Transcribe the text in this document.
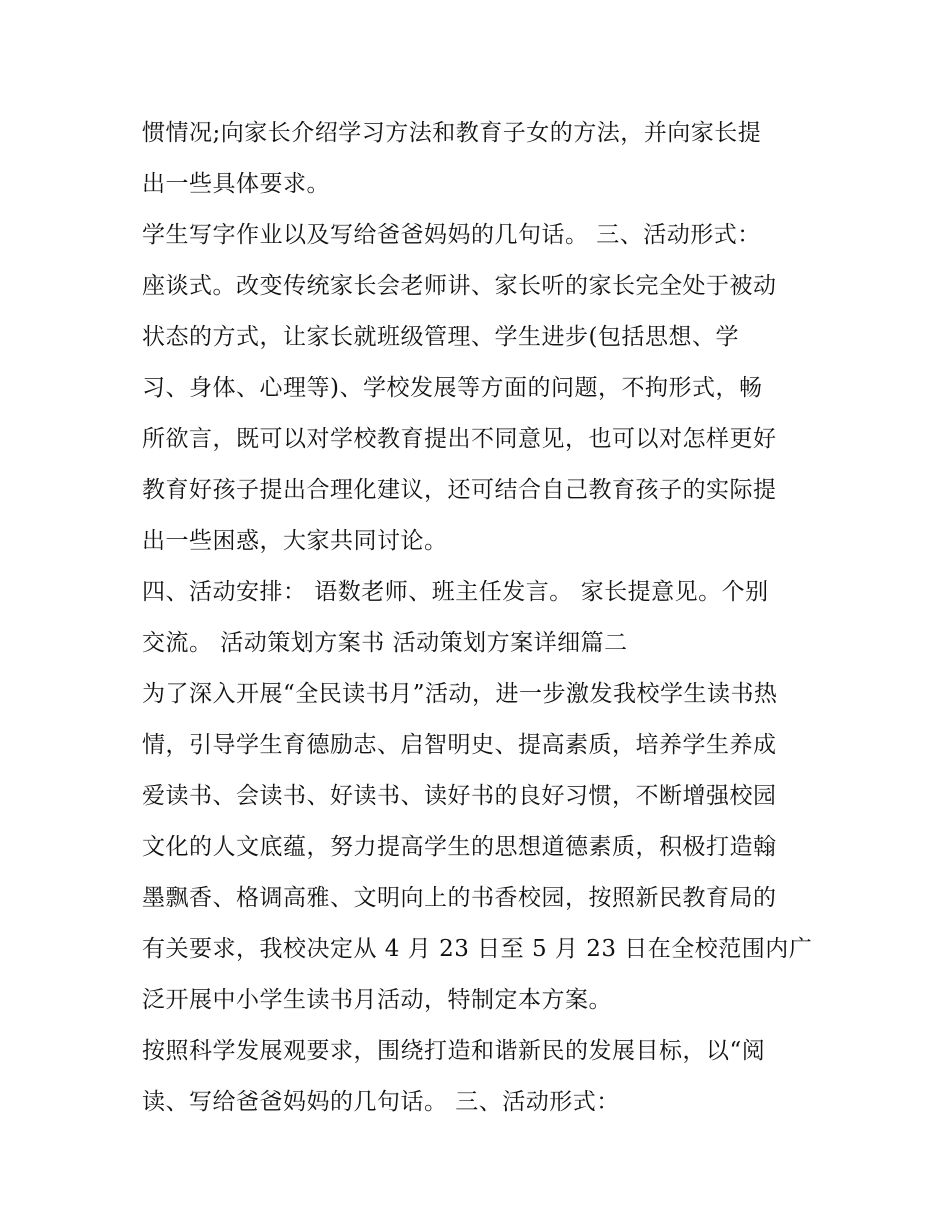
惯情况;向家长介绍学习方法和教育子女的方法，并向家长提
出一些具体要求。
学生写字作业以及写给爸爸妈妈的几句话。 三、活动形式：
座谈式。改变传统家长会老师讲、家长听的家长完全处于被动
状态的方式，让家长就班级管理、学生进步(包括思想、学
习、身体、心理等)、学校发展等方面的问题，不拘形式，畅
所欲言，既可以对学校教育提出不同意见，也可以对怎样更好
教育好孩子提出合理化建议，还可结合自己教育孩子的实际提
出一些困惑，大家共同讨论。
四、活动安排： 语数老师、班主任发言。 家长提意见。个别
交流。 活动策划方案书 活动策划方案详细篇二
为了深入开展“全民读书月”活动，进一步激发我校学生读书热
情，引导学生育德励志、启智明史、提高素质，培养学生养成
爱读书、会读书、好读书、读好书的良好习惯，不断增强校园
文化的人文底蕴，努力提高学生的思想道德素质，积极打造翰
墨飘香、格调高雅、文明向上的书香校园，按照新民教育局的
有关要求，我校决定从 4 月 23 日至 5 月 23 日在全校范围内广
泛开展中小学生读书月活动，特制定本方案。
按照科学发展观要求，围绕打造和谐新民的发展目标，以“阅
读、写给爸爸妈妈的几句话。 三、活动形式：
